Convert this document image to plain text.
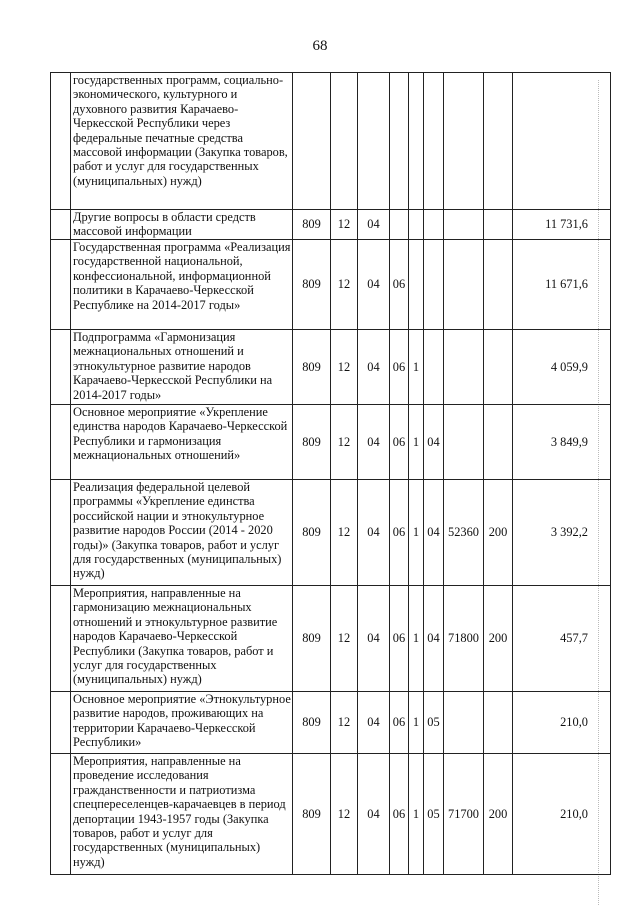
68
	государственных программ, социально-экономического, культурного и духовного развития Карачаево-Черкесской Республики через федеральные печатные средства массовой информации (Закупка товаров, работ и услуг для государственных (муниципальных) нужд)									
	Другие вопросы в области средств массовой информации	809	12	04						11 731,6
	Государственная программа «Реализация государственной национальной, конфессиональной, информационной политики в Карачаево-Черкесской Республике на 2014-2017 годы»	809	12	04	06					11 671,6
	Подпрограмма «Гармонизация межнациональных отношений и этнокультурное развитие народов Карачаево-Черкесской Республики на 2014-2017 годы»	809	12	04	06	1				4 059,9
	Основное мероприятие «Укрепление единства народов Карачаево-Черкесской Республики и гармонизация межнациональных отношений»	809	12	04	06	1	04			3 849,9
	Реализация федеральной целевой программы «Укрепление единства российской нации и этнокультурное развитие народов России (2014 - 2020 годы)» (Закупка товаров, работ и услуг для государственных (муниципальных) нужд)	809	12	04	06	1	04	52360	200	3 392,2
	Мероприятия, направленные на гармонизацию межнациональных отношений и этнокультурное развитие народов Карачаево-Черкесской Республики (Закупка товаров, работ и услуг для государственных (муниципальных) нужд)	809	12	04	06	1	04	71800	200	457,7
	Основное мероприятие «Этнокультурное развитие народов, проживающих на территории Карачаево-Черкесской Республики»	809	12	04	06	1	05			210,0
	Мероприятия, направленные на проведение исследования гражданственности и патриотизма спецпереселенцев-карачаевцев в период депортации 1943-1957 годы (Закупка товаров, работ и услуг для государственных (муниципальных) нужд)	809	12	04	06	1	05	71700	200	210,0
